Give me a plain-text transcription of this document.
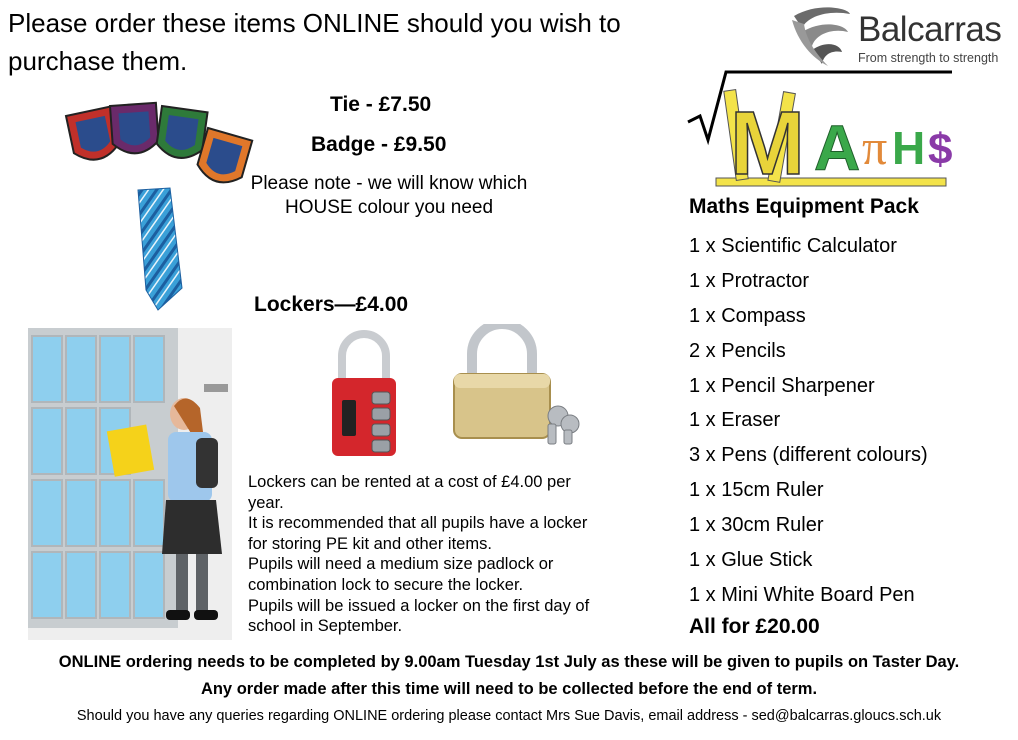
Please order these items ONLINE should you wish to purchase them.
Balcarras
From strength to strength
Tie - £7.50
Badge - £9.50
Please note - we will know which HOUSE colour you need
Lockers—£4.00
Lockers can be rented at a cost of £4.00 per year.
It is recommended that all pupils have a locker for storing PE kit and other items.
Pupils will need a medium size padlock or combination lock to secure the locker.
Pupils will be issued a locker on the first day of school in September.
M A π H $
Maths Equipment Pack
1 x Scientific Calculator
1 x Protractor
1 x Compass
2 x Pencils
1 x Pencil Sharpener
1 x Eraser
3 x Pens (different colours)
1 x 15cm Ruler
1 x 30cm Ruler
1 x Glue Stick
1 x Mini White Board Pen
All for £20.00
ONLINE ordering needs to be completed by 9.00am Tuesday 1st July as these will be given to pupils on Taster Day.
Any order made after this time will need to be collected before the end of term.
Should you have any queries regarding ONLINE ordering please contact Mrs Sue Davis, email address - sed@balcarras.gloucs.sch.uk
